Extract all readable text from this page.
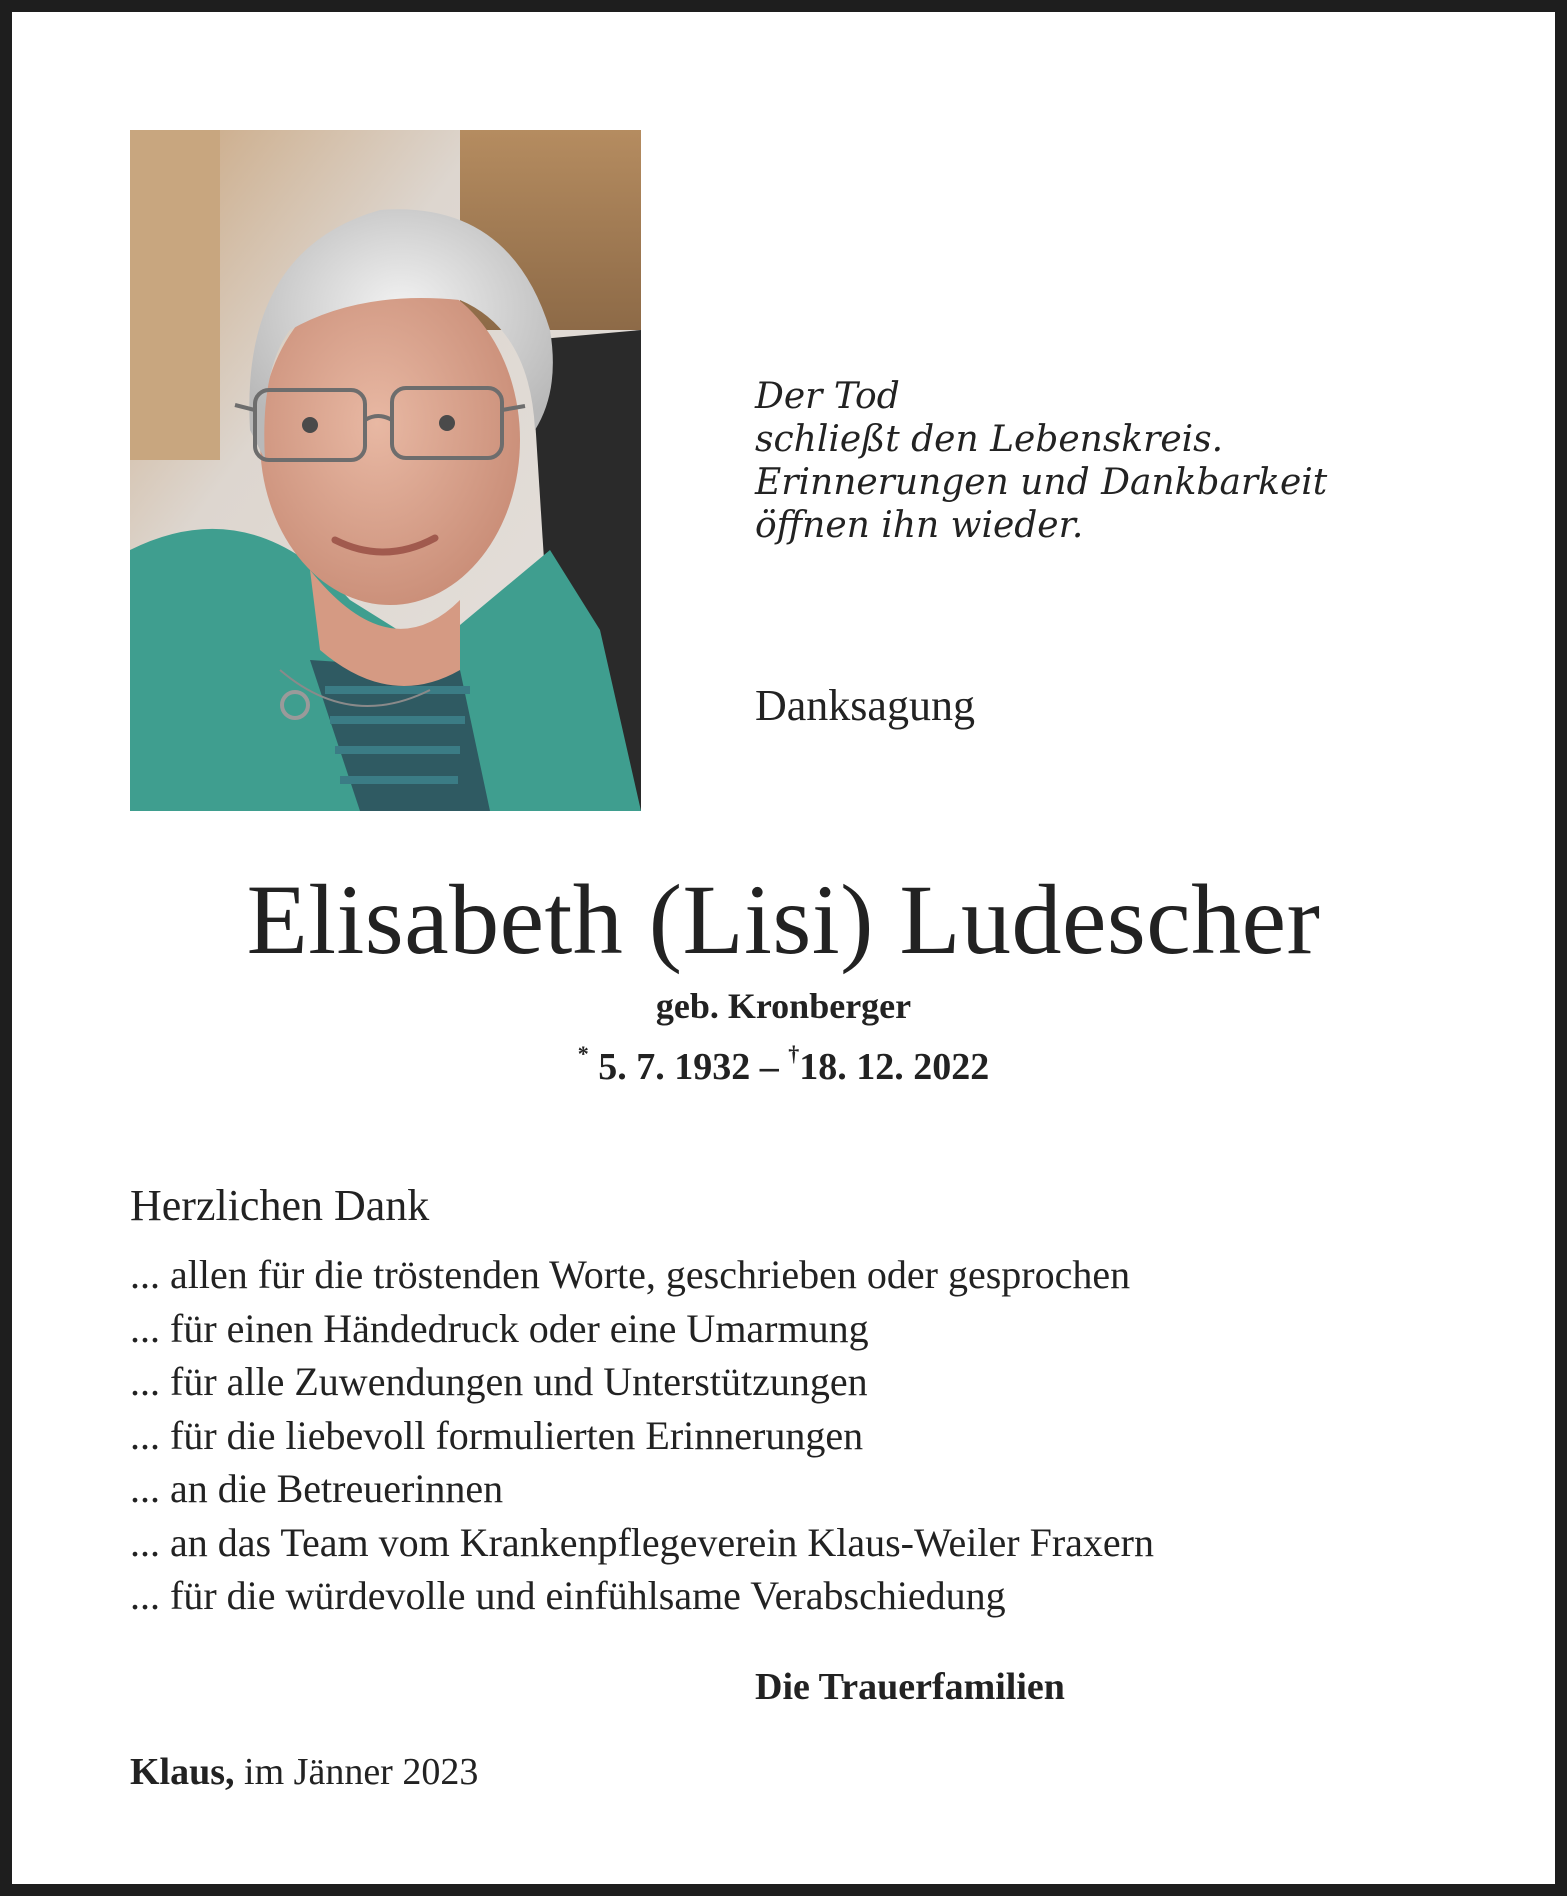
Der Tod
schließt den Lebenskreis.
Erinnerungen und Dankbarkeit
öffnen ihn wieder.
Danksagung
Elisabeth (Lisi) Ludescher
geb. Kronberger
* 5. 7. 1932 – †18. 12. 2022
Herzlichen Dank
... allen für die tröstenden Worte, geschrieben oder gesprochen
... für einen Händedruck oder eine Umarmung
... für alle Zuwendungen und Unterstützungen
... für die liebevoll formulierten Erinnerungen
... an die Betreuerinnen
... an das Team vom Krankenpflegeverein Klaus-Weiler Fraxern
... für die würdevolle und einfühlsame Verabschiedung
Die Trauerfamilien
Klaus, im Jänner 2023
